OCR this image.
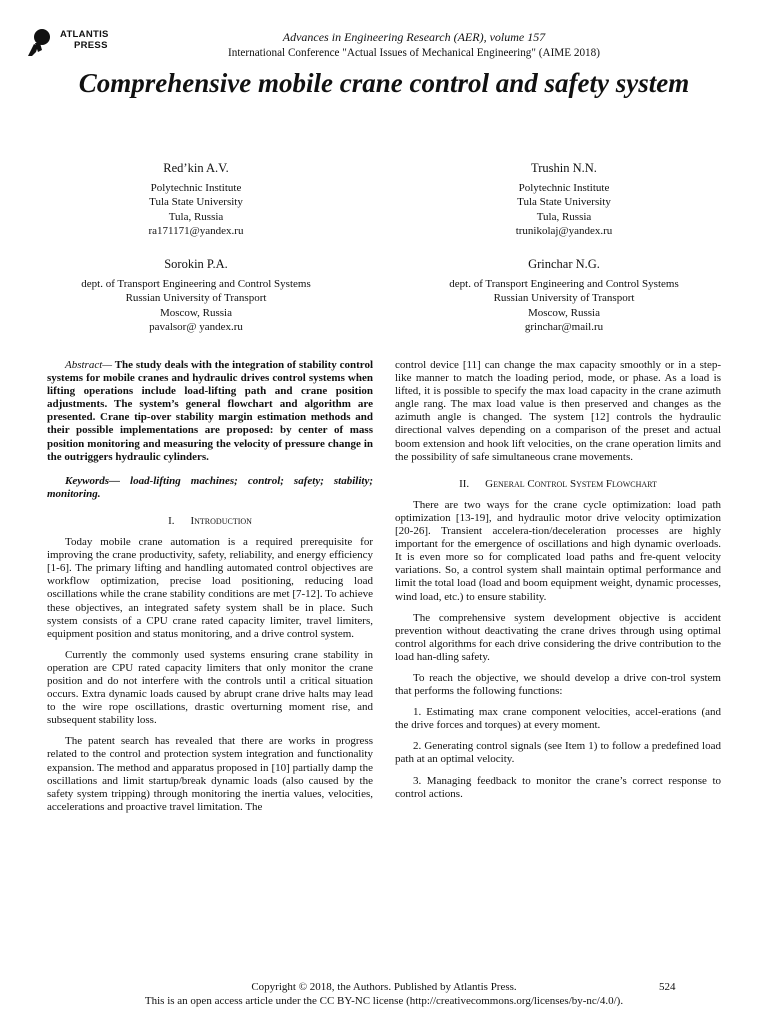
ATLANTIS
PRESS
Advances in Engineering Research (AER), volume 157
International Conference "Actual Issues of Mechanical Engineering" (AIME 2018)
Comprehensive mobile crane control and safety system
Red’kin A.V.
Polytechnic Institute
Tula State University
Tula, Russia
ra171171@yandex.ru
Trushin N.N.
Polytechnic Institute
Tula State University
Tula, Russia
trunikolaj@yandex.ru
Sorokin P.A.
dept. of Transport Engineering and Control Systems
Russian University of Transport
Moscow, Russia
pavalsor@ yandex.ru
Grinchar N.G.
dept. of Transport Engineering and Control Systems
Russian University of Transport
Moscow, Russia
grinchar@mail.ru

Abstract— The study deals with the integration of stability control systems for mobile cranes and hydraulic drives control systems when lifting operations include load-lifting path and crane position adjustments. The system’s general flowchart and algorithm are presented. Crane tip-over stability margin estimation methods and their possible implementations are proposed: by center of mass position monitoring and measuring the velocity of pressure change in the outriggers hydraulic cylinders.

Keywords— load-lifting machines; control; safety; stability; monitoring.

I. Introduction

Today mobile crane automation is a required prerequisite for improving the crane productivity, safety, reliability, and energy efficiency [1-6]. The primary lifting and handling automated control objectives are workflow optimization, precise load positioning, reducing load oscillations while the crane stability conditions are met [7-12]. To achieve these objectives, an integrated safety system shall be in place. Such system consists of a CPU crane rated capacity limiter, travel limiters, equipment position and status monitoring, and a drive control system.

Currently the commonly used systems ensuring crane stability in operation are CPU rated capacity limiters that only monitor the crane position and do not interfere with the controls until a critical situation occurs. Extra dynamic loads caused by abrupt crane drive halts may lead to the wire rope oscillations, drastic overturning moment rise, and subsequent stability loss.

The patent search has revealed that there are works in progress related to the control and protection system integration and functionality expansion. The method and apparatus proposed in [10] partially damp the oscillations and limit startup/break dynamic loads (also caused by the safety system tripping) through monitoring the inertia values, velocities, accelerations and proactive travel limitation. The

control device [11] can change the max capacity smoothly or in a step-like manner to match the loading period, mode, or phase. As a load is lifted, it is possible to specify the max load capacity in the crane azimuth angle rang. The max load value is then preserved and changes as the azimuth angle is changed. The system [12] controls the hydraulic directional valves depending on a comparison of the preset and actual boom extension and hook lift velocities, on the crane operation limits and the possibility of safe simultaneous crane movements.

II. General Control System Flowchart

There are two ways for the crane cycle optimization: load path optimization [13-19], and hydraulic motor drive velocity optimization [20-26]. Transient accelera-tion/deceleration processes are highly important for the emergence of oscillations and high dynamic overloads. It is even more so for complicated load paths and fre-quent velocity variations. So, a control system shall maintain optimal performance and limit the total load (load and boom equipment weight, dynamic processes, wind load, etc.) to ensure stability.

The comprehensive system development objective is accident prevention without deactivating the crane drives through using optimal control algorithms for each drive considering the drive contribution to the load han-dling safety.

To reach the objective, we should develop a drive con-trol system that performs the following functions:

1. Estimating max crane component velocities, accel-erations (and the drive forces and torques) at every moment.

2. Generating control signals (see Item 1) to follow a predefined load path at an optimal velocity.

3. Managing feedback to monitor the crane’s correct response to control actions.

Copyright © 2018, the Authors. Published by Atlantis Press.	524
This is an open access article under the CC BY-NC license (http://creativecommons.org/licenses/by-nc/4.0/).
